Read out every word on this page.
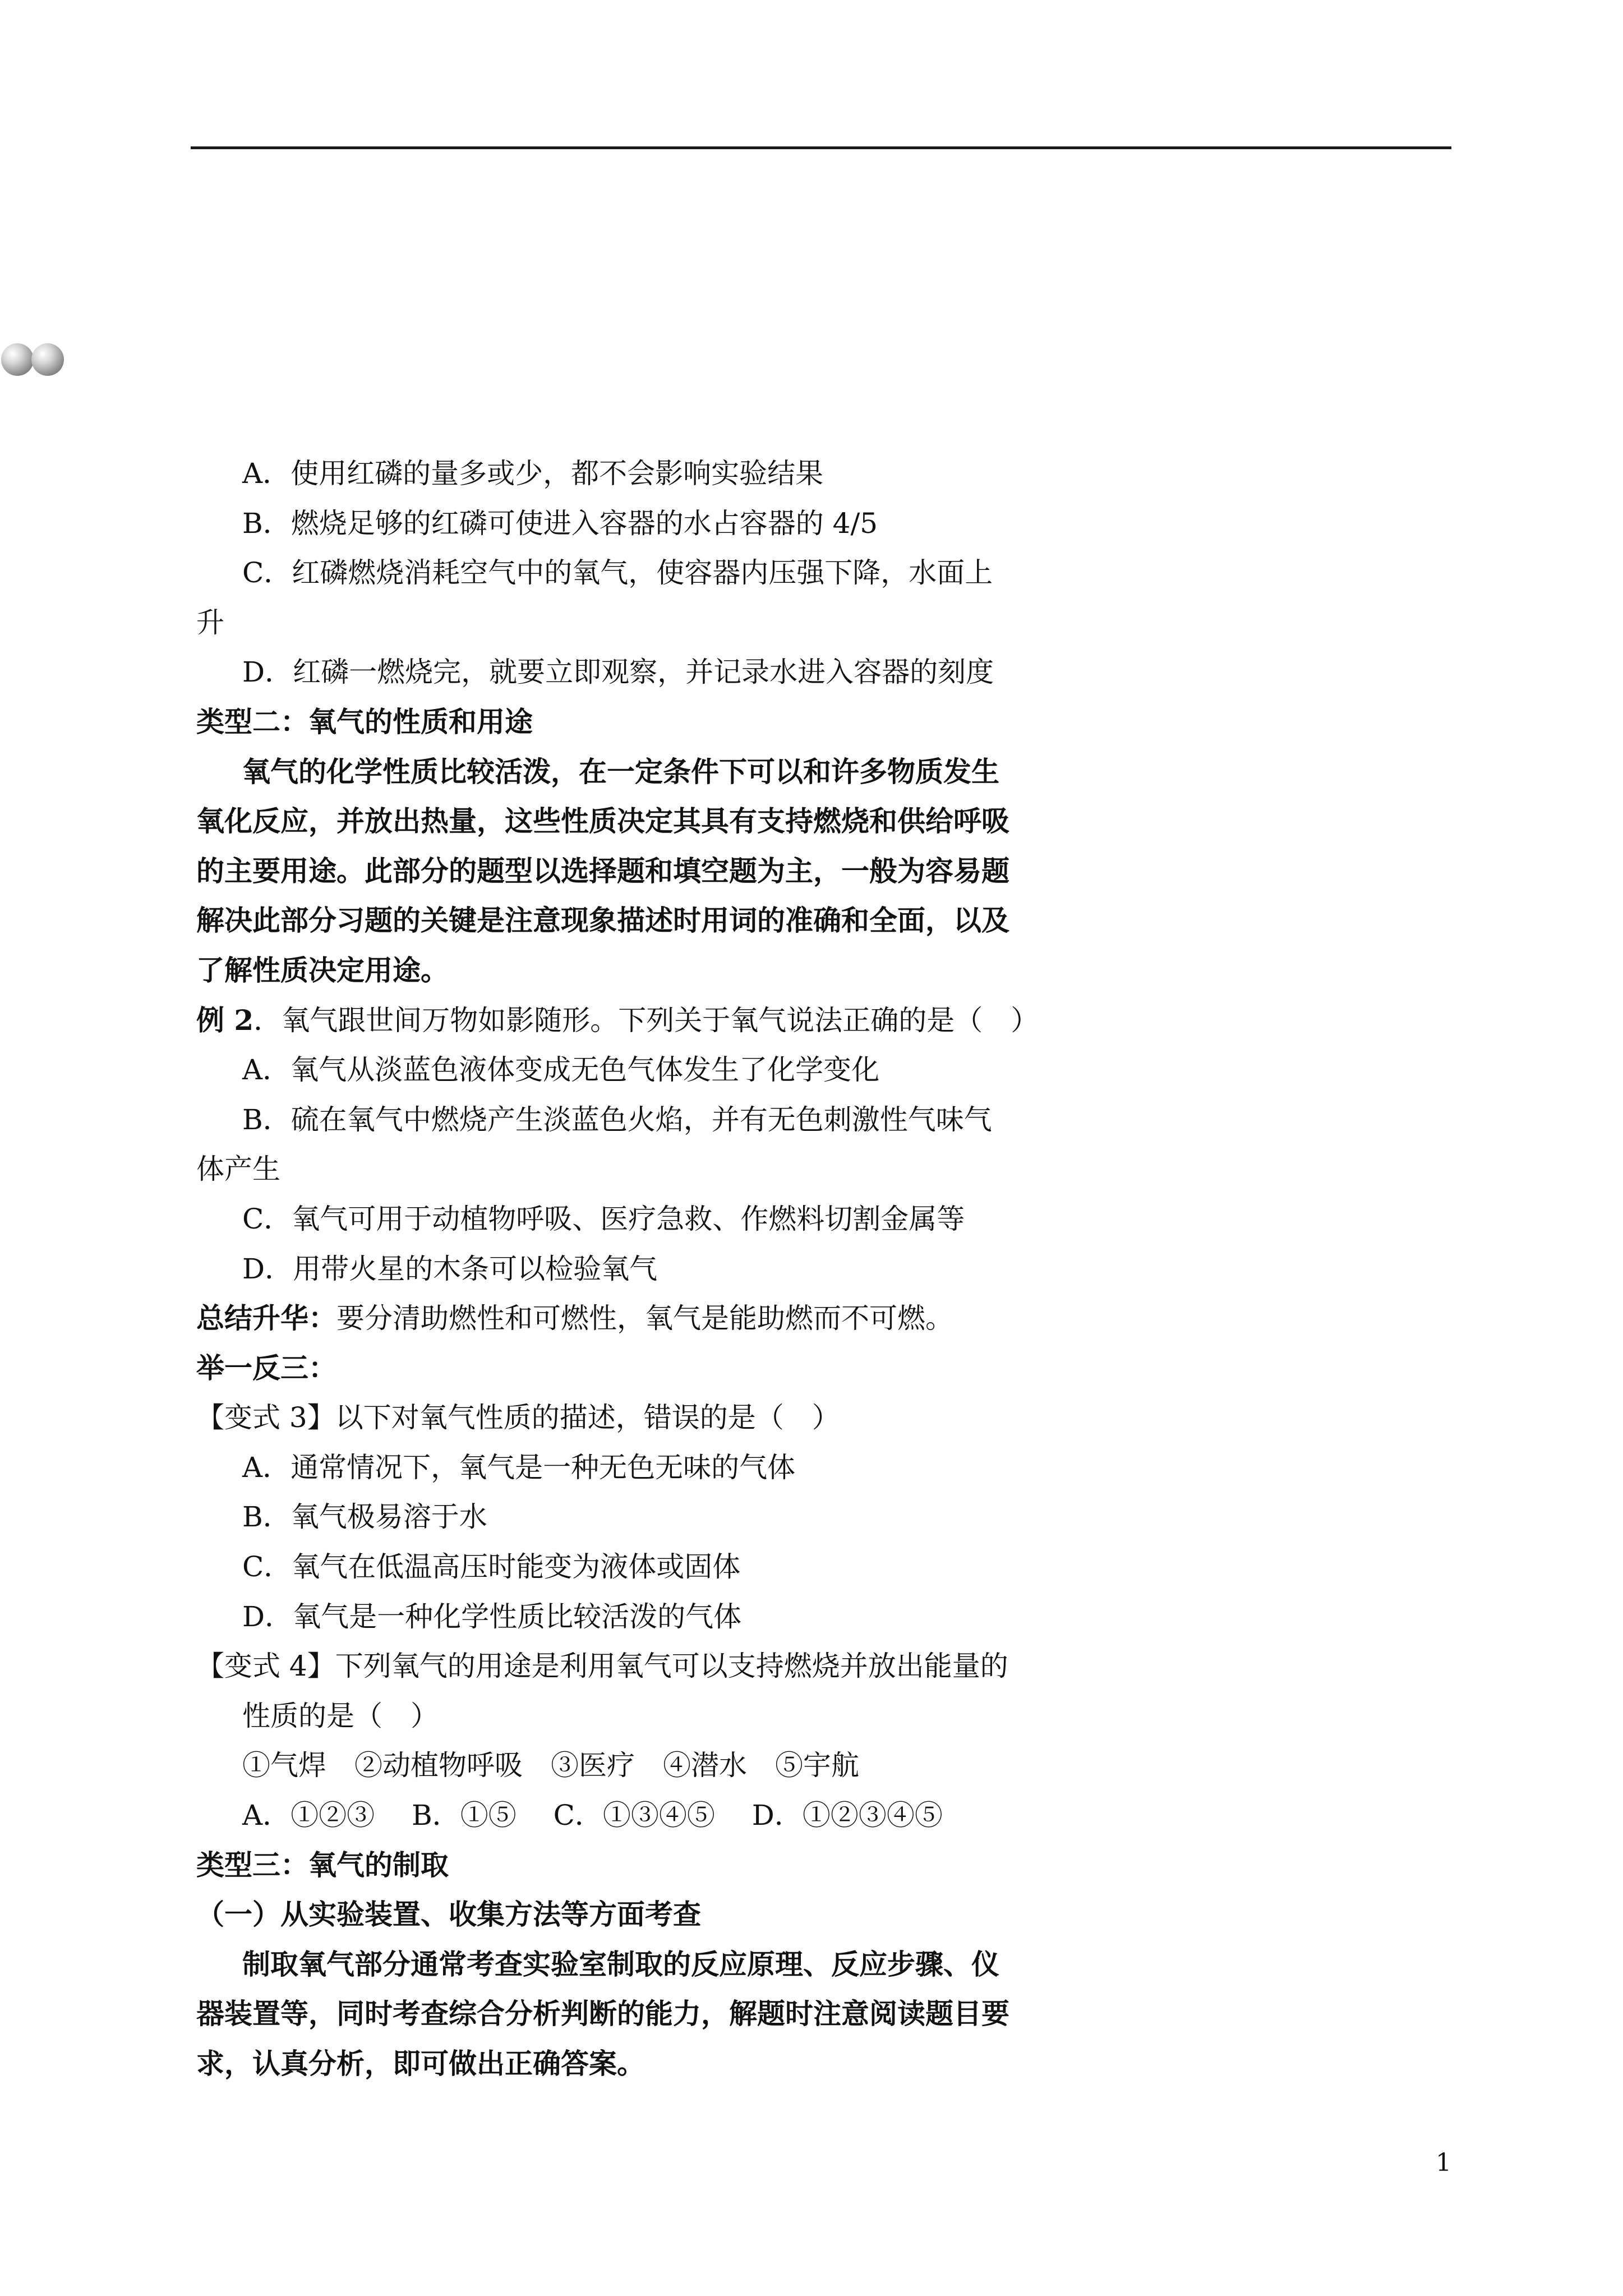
A．使用红磷的量多或少，都不会影响实验结果
B．燃烧足够的红磷可使进入容器的水占容器的 4/5
C．红磷燃烧消耗空气中的氧气，使容器内压强下降，水面上
升
D．红磷一燃烧完，就要立即观察，并记录水进入容器的刻度
类型二：氧气的性质和用途
氧气的化学性质比较活泼，在一定条件下可以和许多物质发生
氧化反应，并放出热量，这些性质决定其具有支持燃烧和供给呼吸
的主要用途。此部分的题型以选择题和填空题为主，一般为容易题
解决此部分习题的关键是注意现象描述时用词的准确和全面，以及
了解性质决定用途。
例 2．氧气跟世间万物如影随形。下列关于氧气说法正确的是（　）
A．氧气从淡蓝色液体变成无色气体发生了化学变化
B．硫在氧气中燃烧产生淡蓝色火焰，并有无色刺激性气味气
体产生
C．氧气可用于动植物呼吸、医疗急救、作燃料切割金属等
D．用带火星的木条可以检验氧气
总结升华：要分清助燃性和可燃性，氧气是能助燃而不可燃。
举一反三：
【变式 3】以下对氧气性质的描述，错误的是（　）
A．通常情况下，氧气是一种无色无味的气体
B．氧气极易溶于水
C．氧气在低温高压时能变为液体或固体
D．氧气是一种化学性质比较活泼的气体
【变式 4】下列氧气的用途是利用氧气可以支持燃烧并放出能量的
性质的是（　）
①气焊　②动植物呼吸　③医疗　④潜水　⑤宇航
A．①②③　 B．①⑤　 C．①③④⑤　 D．①②③④⑤
类型三：氧气的制取
（一）从实验装置、收集方法等方面考查
制取氧气部分通常考查实验室制取的反应原理、反应步骤、仪
器装置等，同时考查综合分析判断的能力，解题时注意阅读题目要
求，认真分析，即可做出正确答案。
1
